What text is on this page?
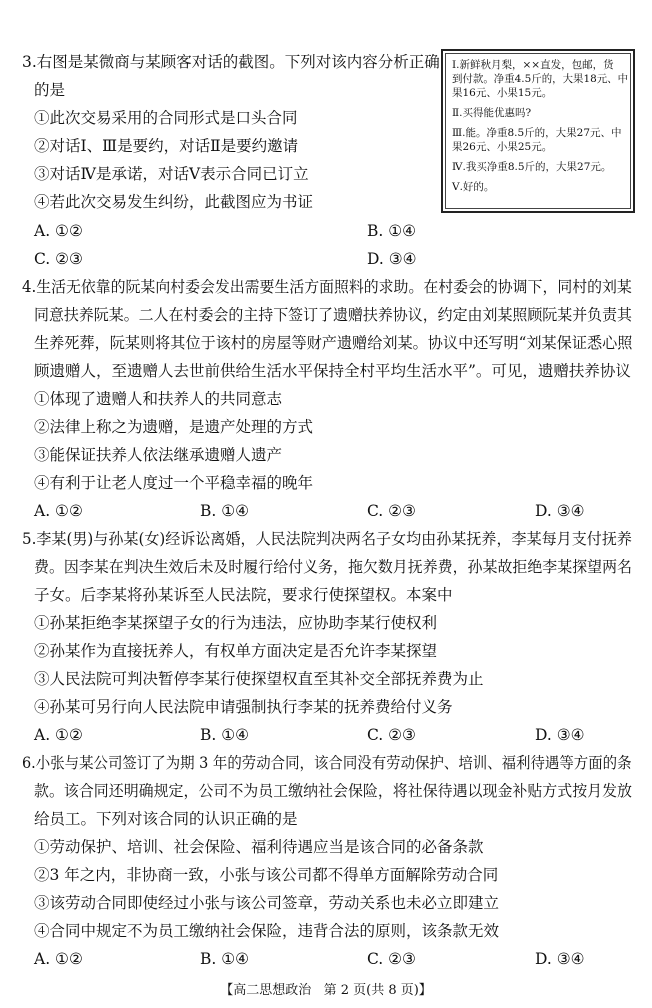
3.右图是某微商与某顾客对话的截图。下列对该内容分析正确
的是
①此次交易采用的合同形式是口头合同
②对话Ⅰ、Ⅲ是要约，对话Ⅱ是要约邀请
③对话Ⅳ是承诺，对话Ⅴ表示合同已订立
④若此次交易发生纠纷，此截图应为书证
A. ①②	B. ①④
C. ②③	D. ③④
Ⅰ.新鲜秋月梨，××直发，包邮，货
到付款。净重4.5斤的，大果18元、中
果16元、小果15元。
Ⅱ.买得能优惠吗?
Ⅲ.能。净重8.5斤的，大果27元、中
果26元、小果25元。
Ⅳ.我买净重8.5斤的，大果27元。
Ⅴ.好的。
4.生活无依靠的阮某向村委会发出需要生活方面照料的求助。在村委会的协调下，同村的刘某
同意扶养阮某。二人在村委会的主持下签订了遗赠扶养协议，约定由刘某照顾阮某并负责其
生养死葬，阮某则将其位于该村的房屋等财产遗赠给刘某。协议中还写明“刘某保证悉心照
顾遗赠人，至遗赠人去世前供给生活水平保持全村平均生活水平”。可见，遗赠扶养协议
①体现了遗赠人和扶养人的共同意志
②法律上称之为遗赠，是遗产处理的方式
③能保证扶养人依法继承遗赠人遗产
④有利于让老人度过一个平稳幸福的晚年
A. ①②	B. ①④	C. ②③	D. ③④
5.李某(男)与孙某(女)经诉讼离婚，人民法院判决两名子女均由孙某抚养，李某每月支付抚养
费。因李某在判决生效后未及时履行给付义务，拖欠数月抚养费，孙某故拒绝李某探望两名
子女。后李某将孙某诉至人民法院，要求行使探望权。本案中
①孙某拒绝李某探望子女的行为违法，应协助李某行使权利
②孙某作为直接抚养人，有权单方面决定是否允许李某探望
③人民法院可判决暂停李某行使探望权直至其补交全部抚养费为止
④孙某可另行向人民法院申请强制执行李某的抚养费给付义务
A. ①②	B. ①④	C. ②③	D. ③④
6.小张与某公司签订了为期 3 年的劳动合同，该合同没有劳动保护、培训、福利待遇等方面的条
款。该合同还明确规定，公司不为员工缴纳社会保险，将社保待遇以现金补贴方式按月发放
给员工。下列对该合同的认识正确的是
①劳动保护、培训、社会保险、福利待遇应当是该合同的必备条款
②3 年之内，非协商一致，小张与该公司都不得单方面解除劳动合同
③该劳动合同即使经过小张与该公司签章，劳动关系也未必立即建立
④合同中规定不为员工缴纳社会保险，违背合法的原则，该条款无效
A. ①②	B. ①④	C. ②③	D. ③④
【高二思想政治   第 2 页(共 8 页)】
